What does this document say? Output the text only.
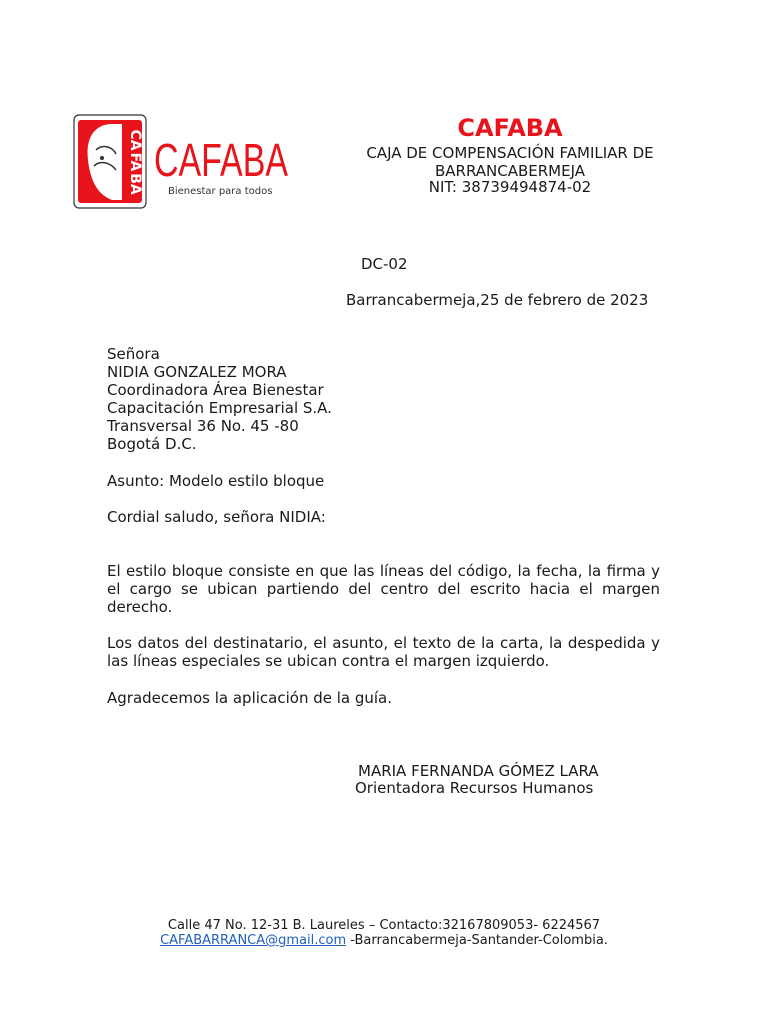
CA
FA
BA CAFABA
Bienestar para todos
CAFABA
CAJA DE COMPENSACIÓN FAMILIAR DE
BARRANCABERMEJA
NIT: 38739494874-02
DC-02
Barrancabermeja,25 de febrero de 2023
Señora
NIDIA GONZALEZ MORA
Coordinadora Área Bienestar
Capacitación Empresarial S.A.
Transversal 36 No. 45 -80
Bogotá D.C.
Asunto: Modelo estilo bloque
Cordial saludo, señora NIDIA:
El estilo bloque consiste en que las líneas del código, la fecha, la firma y el cargo se ubican partiendo del centro del escrito hacia el margen derecho.
Los datos del destinatario, el asunto, el texto de la carta, la despedida y las líneas especiales se ubican contra el margen izquierdo.
Agradecemos la aplicación de la guía.
MARIA FERNANDA GÓMEZ LARA
Orientadora Recursos Humanos
Calle 47 No. 12-31 B. Laureles – Contacto:32167809053- 6224567
CAFABARRANCA@gmail.com -Barrancabermeja-Santander-Colombia.
